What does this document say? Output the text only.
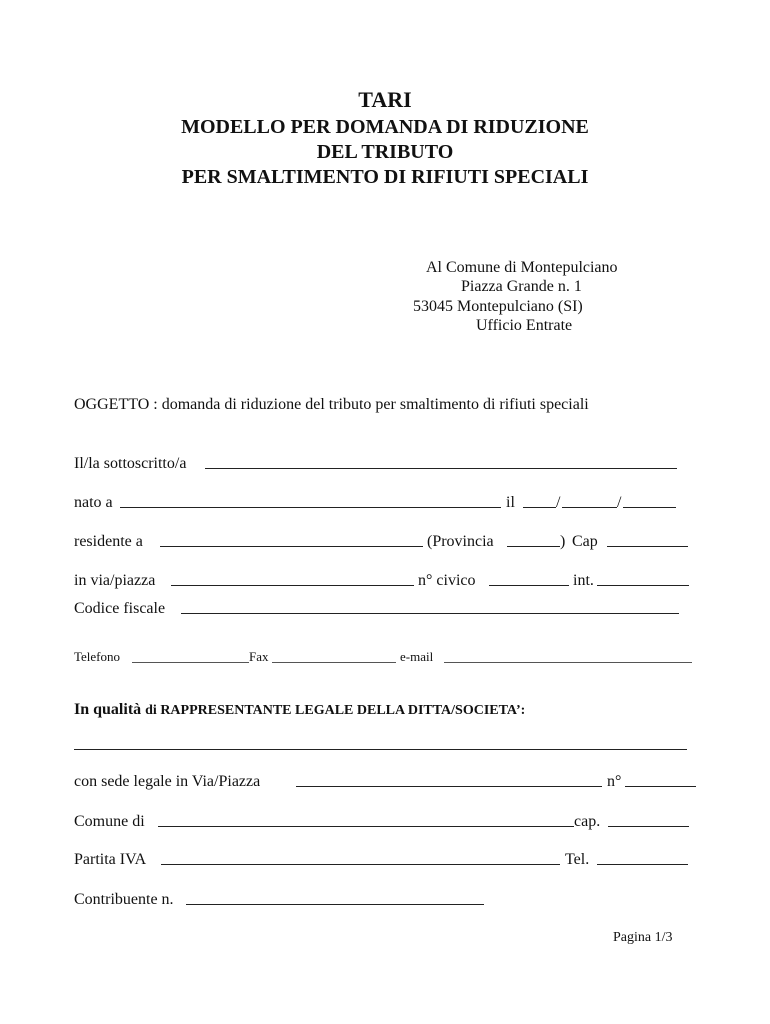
TARI
MODELLO PER DOMANDA DI RIDUZIONE
DEL TRIBUTO
PER SMALTIMENTO DI RIFIUTI SPECIALI
Al Comune di Montepulciano
Piazza Grande n. 1
53045 Montepulciano (SI)
Ufficio Entrate
OGGETTO : domanda di riduzione del tributo per smaltimento di rifiuti speciali
Il/la sottoscritto/a
nato a	il	/	/
residente a	(Provincia	) Cap
in via/piazza	n° civico	int.
Codice fiscale
Telefono	Fax	e-mail
In qualità di RAPPRESENTANTE LEGALE DELLA DITTA/SOCIETA’:
con sede legale in Via/Piazza	n°
Comune di	cap.
Partita IVA	Tel.
Contribuente n.
Pagina 1/3
